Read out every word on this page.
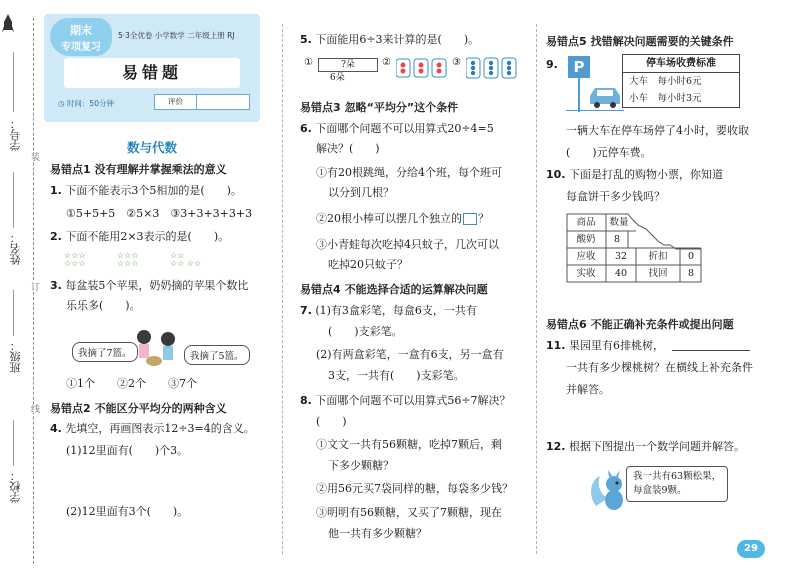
装
订
线
学号：
姓名：
班级：
学校：
期末
专项复习
5·3全优卷 小学数学 二年级上册 RJ
易错题
◷ 时间：50分钟	评价
数与代数
易错点1 没有理解并掌握乘法的意义
1. 下面不能表示3个5相加的是(　　)。
①5+5+5　②5×3　③3+3+3+3+3
2. 下面不能用2×3表示的是(　　)。
☆☆☆
☆☆☆
☆☆☆
☆☆☆
☆☆
☆☆ ☆☆
3. 每盆装5个苹果，奶奶摘的苹果个数比
乐乐多(　　)。
我摘了7篮。	我摘了5篮。
①1个　　②2个　　③7个
易错点2 不能区分平均分的两种含义
4. 先填空，再画图表示12÷3=4的含义。
(1)12里面有(　　)个3。
(2)12里面有3个(　　)。
5. 下面能用6÷3来计算的是(　　)。
①	?朵
6朵
②	③
易错点3 忽略“平均分”这个条件
6. 下面哪个问题不可以用算式20÷4=5
解决？(　　)
①有20根跳绳，分给4个班，每个班可
以分到几根？
②20根小棒可以摆几个独立的 ？
③小青蛙每次吃掉4只蚊子，几次可以
吃掉20只蚊子？
易错点4 不能选择合适的运算解决问题
7. (1)有3盒彩笔，每盒6支，一共有
(　　)支彩笔。
(2)有两盒彩笔，一盒有6支，另一盒有
3支，一共有(　　)支彩笔。
8. 下面哪个问题不可以用算式56÷7解决？
(　　)
①文文一共有56颗糖，吃掉7颗后，剩
下多少颗糖？
②用56元买7袋同样的糖，每袋多少钱？
③明明有56颗糖，又买了7颗糖，现在
他一共有多少颗糖？
易错点5 找错解决问题需要的关键条件
9.	P	停车场收费标准
大车　每小时6元
小车　每小时3元
一辆大车在停车场停了4小时，要收取
(　　)元停车费。
10. 下面是打乱的购物小票，你知道
每盒饼干多少钱吗？
商品	数量
酸奶	8
应收	32	折扣	0
实收	40	找回	8
易错点6 不能正确补充条件或提出问题
11. 果园里有6排桃树，
一共有多少棵桃树？在横线上补充条件
并解答。
12. 根据下图提出一个数学问题并解答。
我一共有63颗松果，
每盒装9颗。
29
